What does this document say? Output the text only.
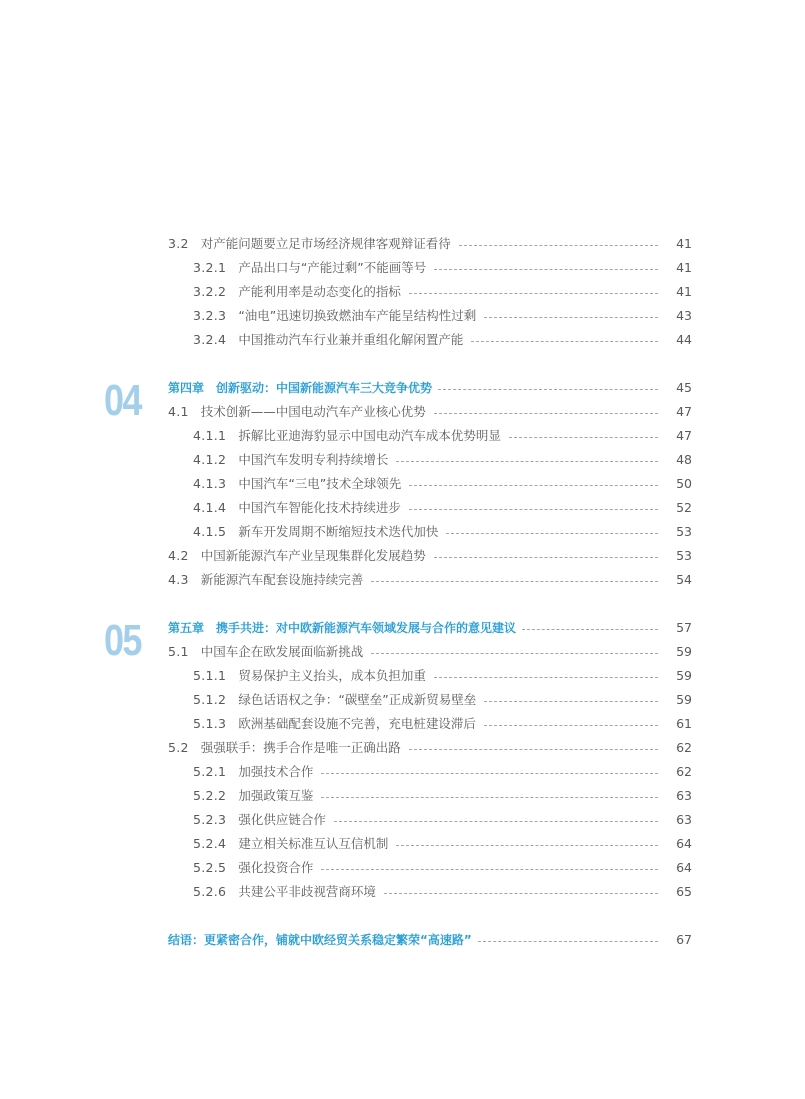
3.2 对产能问题要立足市场经济规律客观辩证看待	41
3.2.1 产品出口与“产能过剩”不能画等号	41
3.2.2 产能利用率是动态变化的指标	41
3.2.3 “油电”迅速切换致燃油车产能呈结构性过剩	43
3.2.4 中国推动汽车行业兼并重组化解闲置产能	44
04 第四章　创新驱动：中国新能源汽车三大竞争优势	45
4.1 技术创新——中国电动汽车产业核心优势	47
4.1.1 拆解比亚迪海豹显示中国电动汽车成本优势明显	47
4.1.2 中国汽车发明专利持续增长	48
4.1.3 中国汽车“三电”技术全球领先	50
4.1.4 中国汽车智能化技术持续进步	52
4.1.5 新车开发周期不断缩短技术迭代加快	53
4.2 中国新能源汽车产业呈现集群化发展趋势	53
4.3 新能源汽车配套设施持续完善	54
05 第五章　携手共进：对中欧新能源汽车领域发展与合作的意见建议	57
5.1 中国车企在欧发展面临新挑战	59
5.1.1 贸易保护主义抬头，成本负担加重	59
5.1.2 绿色话语权之争：“碳壁垒”正成新贸易壁垒	59
5.1.3 欧洲基础配套设施不完善，充电桩建设滞后	61
5.2 强强联手：携手合作是唯一正确出路	62
5.2.1 加强技术合作	62
5.2.2 加强政策互鉴	63
5.2.3 强化供应链合作	63
5.2.4 建立相关标准互认互信机制	64
5.2.5 强化投资合作	64
5.2.6 共建公平非歧视营商环境	65
结语：更紧密合作，铺就中欧经贸关系稳定繁荣“高速路”	67
